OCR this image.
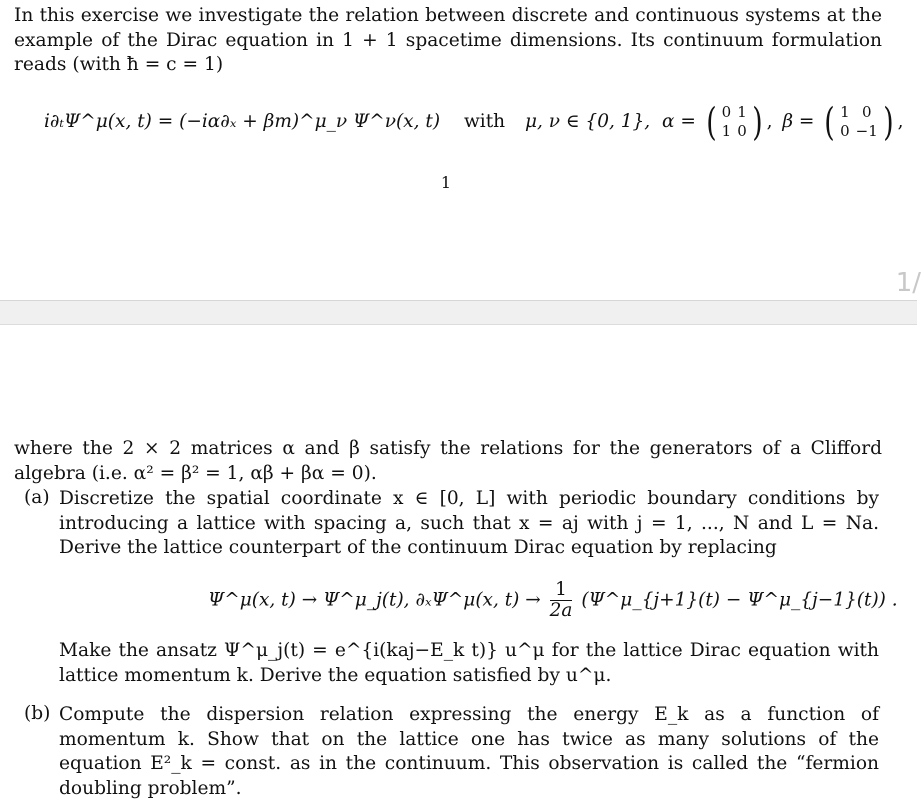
In this exercise we investigate the relation between discrete and continuous systems at the example of the Dirac equation in 1 + 1 spacetime dimensions. Its continuum formulation reads (with ħ = c = 1)

i∂ₜΨ^μ(x, t) = (−iα∂ₓ + βm)^μ_ν Ψ^ν(x, t) with μ, ν ∈ {0, 1}, α = ( 0	1
1	0 ) , β = ( 1	0
0	−1 ) ,
1
1/

where the 2 × 2 matrices α and β satisfy the relations for the generators of a Clifford algebra (i.e. α² = β² = 1, αβ + βα = 0).

(a) Discretize the spatial coordinate x ∈ [0, L] with periodic boundary conditions by introducing a lattice with spacing a, such that x = aj with j = 1, ..., N and L = Na. Derive the lattice counterpart of the continuum Dirac equation by replacing

Ψ^μ(x, t) → Ψ^μ_j(t), ∂ₓΨ^μ(x, $t) \to \frac{1}{2a}$ (Ψ^μ_{j+1}(t) − Ψ^μ_{j−1}(t)) .

Make the ansatz Ψ^μ_j(t) = e^{i(kaj−E_k t)} u^μ for the lattice Dirac equation with lattice momentum k. Derive the equation satisfied by u^μ.

(b) Compute the dispersion relation expressing the energy E_k as a function of momentum k. Show that on the lattice one has twice as many solutions of the equation E²_k = const. as in the continuum. This observation is called the “fermion doubling problem”.
